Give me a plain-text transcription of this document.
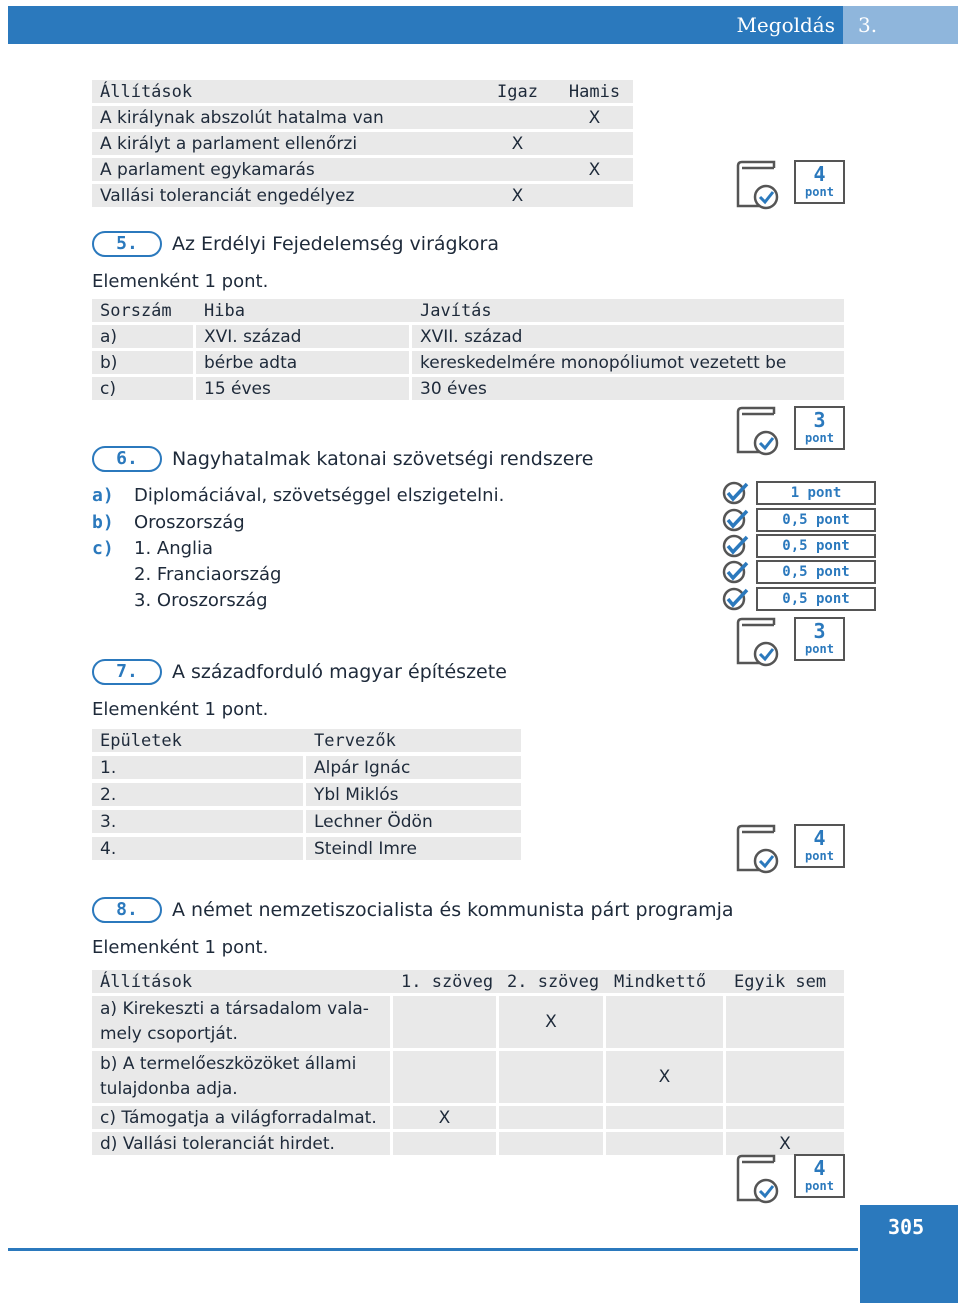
Megoldás	3.
Állítások	Igaz	Hamis
A királynak abszolút hatalma van		X
A királyt a parlament ellenőrzi	X	
A parlament egykamarás		X
Vallási toleranciát engedélyez	X	
4
pont
5.	Az Erdélyi Fejedelemség virágkora
Elemenként 1 pont.
Sorszám	Hiba	Javítás
a)	XVI. század	XVII. század
b)	bérbe adta	kereskedelmére monopóliumot vezetett be
c)	15 éves	30 éves
3
pont
6.	Nagyhatalmak katonai szövetségi rendszere
a) Diplomáciával, szövetséggel elszigetelni.
b) Oroszország
c) 1. Anglia
2. Franciaország
3. Oroszország
1 pont
0,5 pont
0,5 pont
0,5 pont
0,5 pont
3
pont
7.	A századforduló magyar építészete
Elemenként 1 pont.
Epületek	Tervezők
1.	Alpár Ignác
2.	Ybl Miklós
3.	Lechner Ödön
4.	Steindl Imre	4
pont
8.	A német nemzetiszocialista és kommunista párt programja
Elemenként 1 pont.
Állítások	1. szöveg	2. szöveg	Mindkettő	Egyik sem
a) Kirekeszti a társadalom vala-
mely csoportját.		X		
b) A termelőeszközöket állami
tulajdonba adja.			X	
c) Támogatja a világforradalmat.	X			
d) Vallási toleranciát hirdet.				X
4
pont
305
